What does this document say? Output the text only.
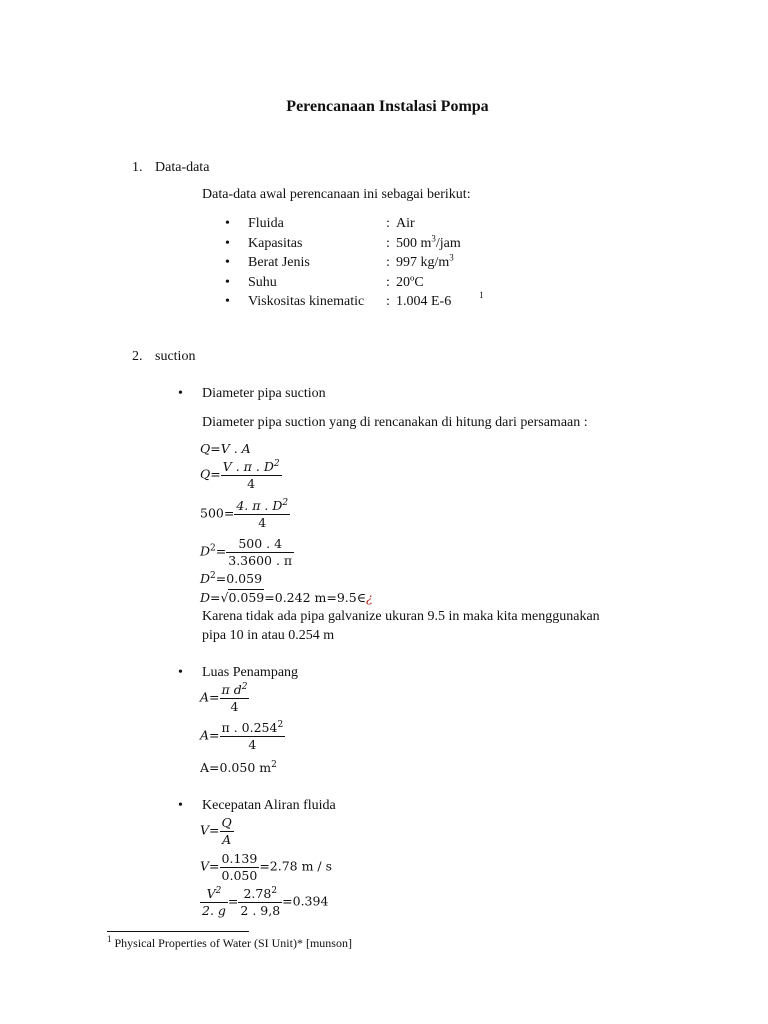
Perencanaan Instalasi Pompa
1. Data-data
Data-data awal perencanaan ini sebagai berikut:
• Fluida	: Air
• Kapasitas	: 500 $m^3$/jam
• Berat Jenis	: 997 $kg/m^3$
• Suhu	: 20ºC
• Viskositas kinematic : 1.004 E-6	1
2. suction
• Diameter pipa suction
Diameter pipa suction yang di rencanakan di hitung dari persamaan :
Q=V . A
$Q= \frac{V . \pi . D^2}{4}$
$500= \frac{4. \pi . D^2}{4}$
$D^2= \frac{500 . 4}{3.3600 . \pi}$
$D^2=0.059$
D=√0.059=0.242 m=9.5∈¿
Karena tidak ada pipa galvanize ukuran 9.5 in maka kita menggunakan
pipa 10 in atau 0.254 m
• Luas Penampang
$A= \frac{\pi d^2}{4}$
$A= \frac{\pi . 0.254^2}{4}$
A=0.050 $m^2$
• Kecepatan Aliran fluida
$V= \frac{Q}{A}$
$V= \frac{0.139}{0.050} =2.78$ m / s
$\frac{V^2}{2. g} = \frac{2.78^2}{2 . 9,8} =0.394$
$^1$ Physical Properties of Water (SI Unit)* [munson]
